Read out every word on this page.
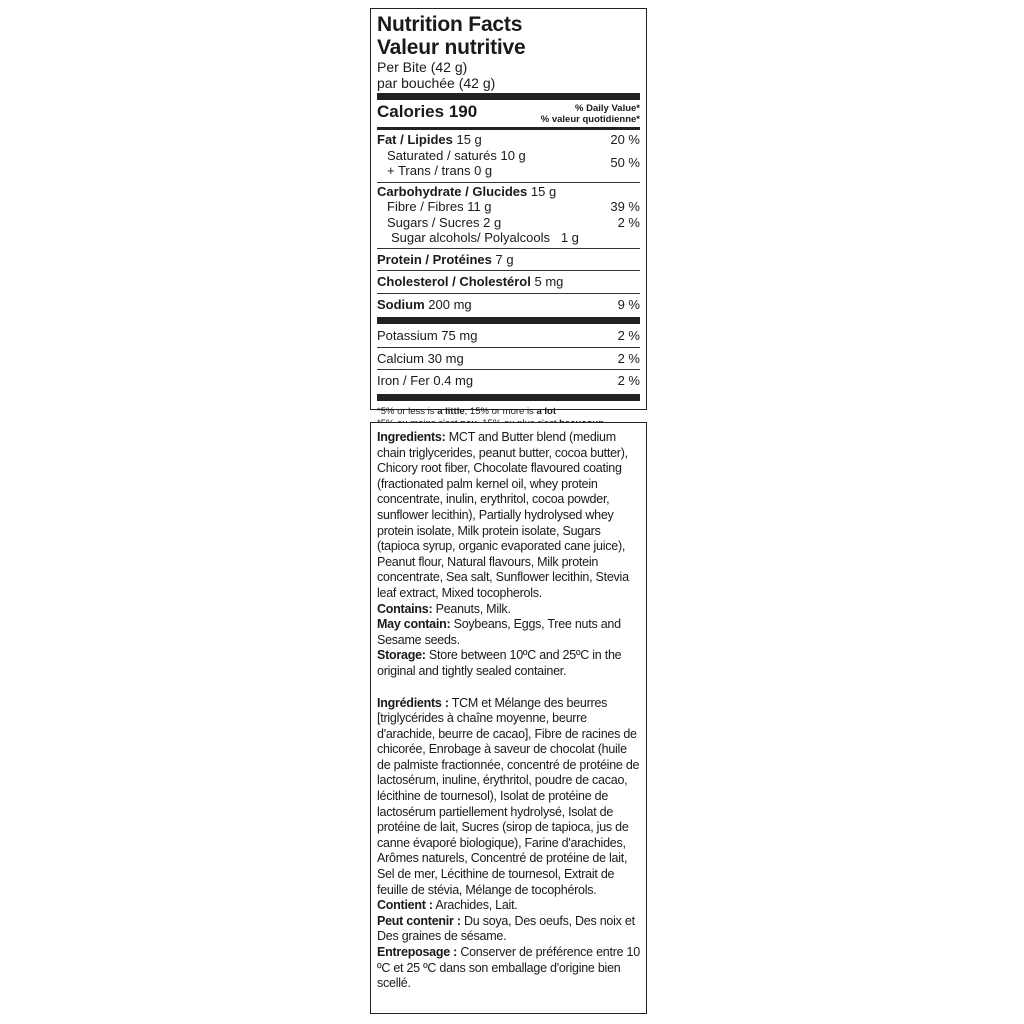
Nutrition Facts
Valeur nutritive
Per Bite (42 g)
par bouchée (42 g)
Calories 190	% Daily Value*
% valeur quotidienne*
Fat / Lipides 15 g	20 %
Saturated / saturés 10 g
+ Trans / trans 0 g
50 %
Carbohydrate / Glucides 15 g
Fibre / Fibres 11 g	39 %
Sugars / Sucres 2 g	2 %
Sugar alcohols/ Polyalcools 1 g
Protein / Protéines 7 g
Cholesterol / Cholestérol 5 mg
Sodium 200 mg	9 %
Potassium 75 mg	2 %
Calcium 30 mg	2 %
Iron / Fer 0.4 mg	2 %
*5% or less is a little, 15% or more is a lot

Ingredients: MCT and Butter blend (medium chain triglycerides, peanut butter, cocoa butter), Chicory root fiber, Chocolate flavoured coating (fractionated palm kernel oil, whey protein concentrate, inulin, erythritol, cocoa powder, sunflower lecithin), Partially hydrolysed whey protein isolate, Milk protein isolate, Sugars (tapioca syrup, organic evaporated cane juice), Peanut flour, Natural flavours, Milk protein concentrate, Sea salt, Sunflower lecithin, Stevia leaf extract, Mixed tocopherols.

Contains: Peanuts, Milk.

May contain: Soybeans, Eggs, Tree nuts and Sesame seeds.

Storage: Store between 10ºC and 25ºC in the original and tightly sealed container.

Ingrédients : TCM et Mélange des beurres [triglycérides à chaîne moyenne, beurre d'arachide, beurre de cacao], Fibre de racines de chicorée, Enrobage à saveur de chocolat (huile de palmiste fractionnée, concentré de protéine de lactosérum, inuline, érythritol, poudre de cacao, lécithine de tournesol), Isolat de protéine de lactosérum partiellement hydrolysé, Isolat de protéine de lait, Sucres (sirop de tapioca, jus de canne évaporé biologique), Farine d'arachides, Arômes naturels, Concentré de protéine de lait, Sel de mer, Lécithine de tournesol, Extrait de feuille de stévia, Mélange de tocophérols.

Contient : Arachides, Lait.

Peut contenir : Du soya, Des oeufs, Des noix et Des graines de sésame.

Entreposage : Conserver de préférence entre 10 ºC et 25 ºC dans son emballage d'origine bien scellé.
